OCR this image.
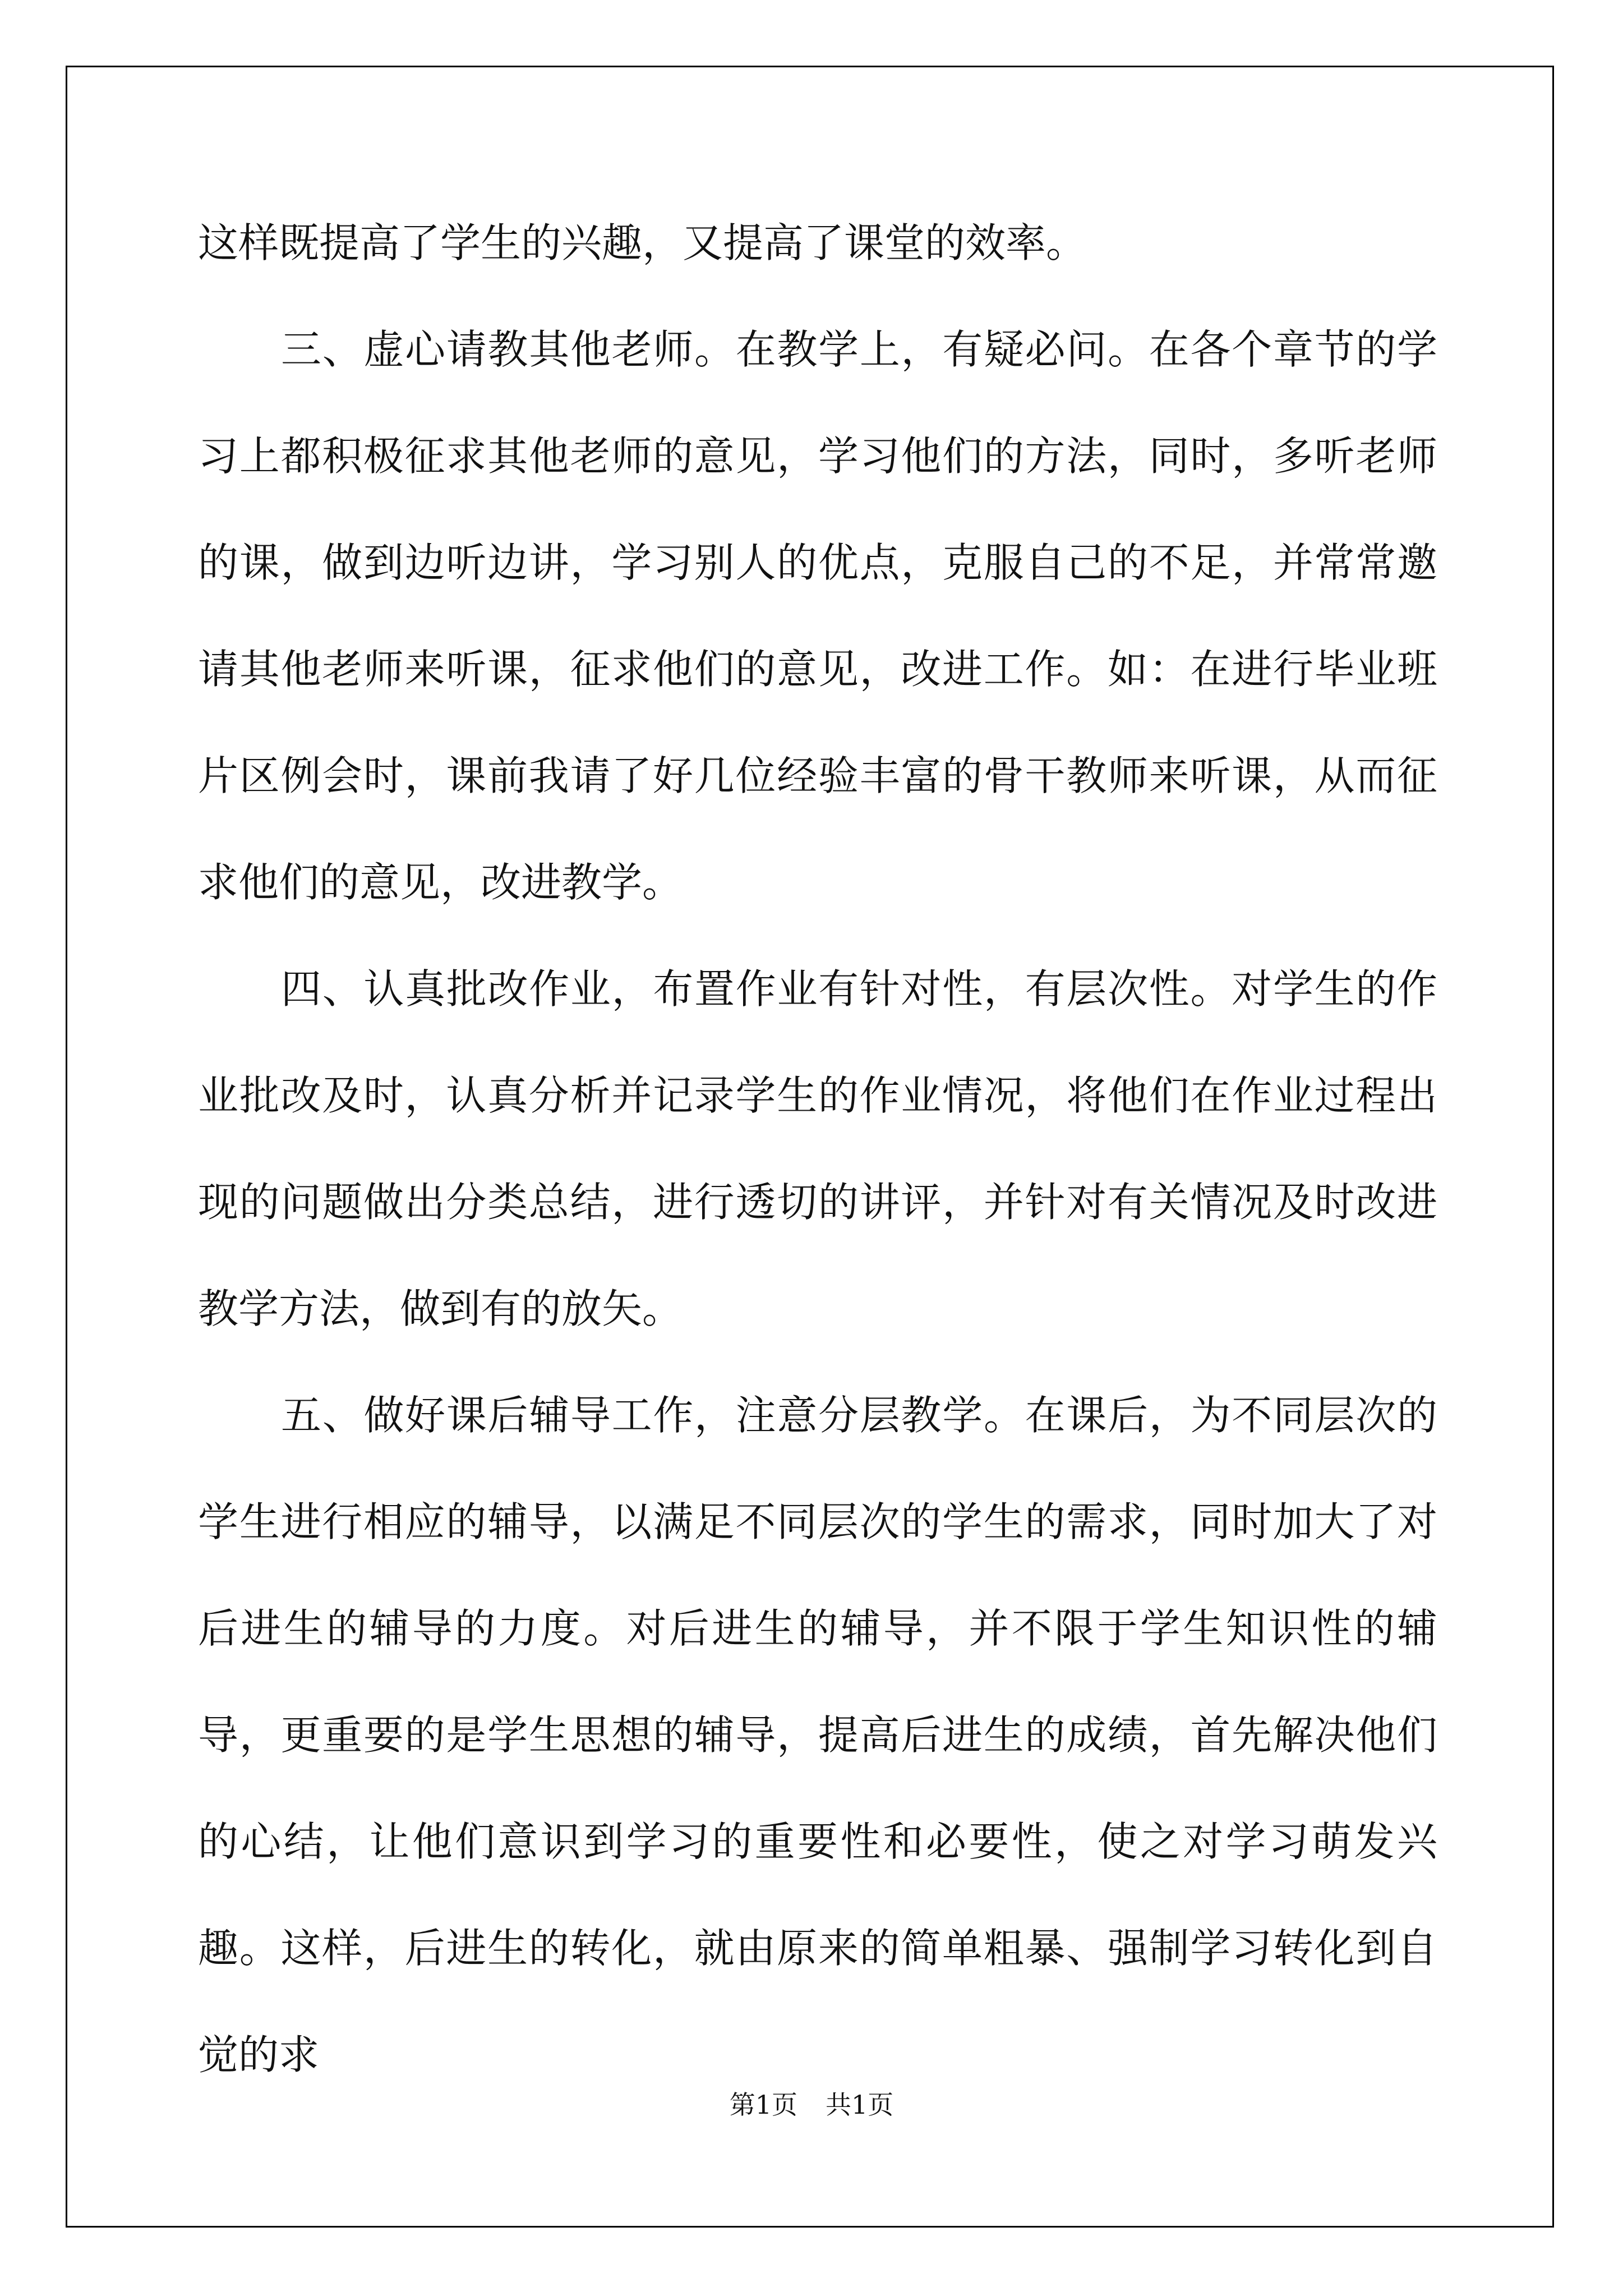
这样既提高了学生的兴趣，又提高了课堂的效率。

三、虚心请教其他老师。在教学上，有疑必问。在各个章节的学习上都积极征求其他老师的意见，学习他们的方法，同时，多听老师的课，做到边听边讲，学习别人的优点，克服自己的不足，并常常邀请其他老师来听课，征求他们的意见，改进工作。如：在进行毕业班片区例会时，课前我请了好几位经验丰富的骨干教师来听课，从而征求他们的意见，改进教学。

四、认真批改作业，布置作业有针对性，有层次性。对学生的作业批改及时，认真分析并记录学生的作业情况，将他们在作业过程出现的问题做出分类总结，进行透切的讲评，并针对有关情况及时改进教学方法，做到有的放矢。

五、做好课后辅导工作，注意分层教学。在课后，为不同层次的学生进行相应的辅导，以满足不同层次的学生的需求，同时加大了对后进生的辅导的力度。对后进生的辅导，并不限于学生知识性的辅导，更重要的是学生思想的辅导，提高后进生的成绩，首先解决他们的心结，让他们意识到学习的重要性和必要性，使之对学习萌发兴趣。这样，后进生的转化，就由原来的简单粗暴、强制学习转化到自觉的求

第1页 共1页
